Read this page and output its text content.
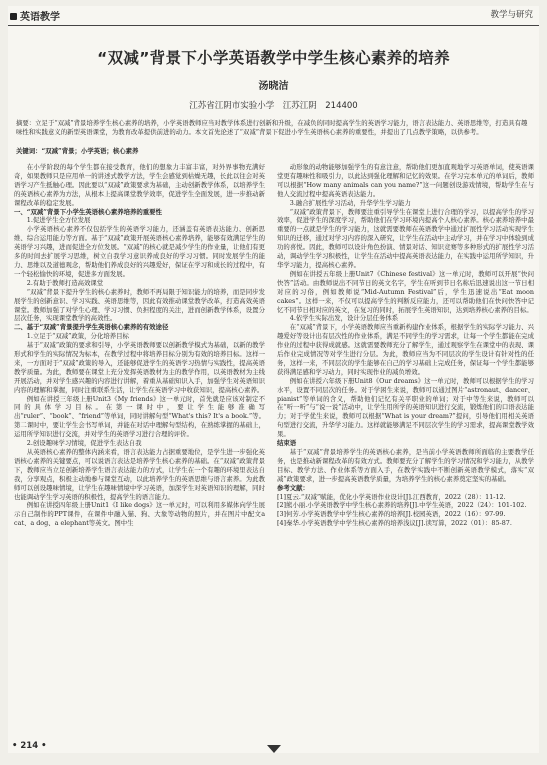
英语教学	教学与研究
“双减”背景下小学英语教学中学生核心素养的培养
汤晓洁
江苏省江阴市实验小学　江苏江阴　214400
摘要：立足于“双减”背景培养学生核心素养的培养，小学英语教师应当对教学体系进行创新和升级，在减负的同时提高学生的英语学习能力，语言表达能力、英语思维等，打造具有趣味性和实践意义的新型英语课堂，为教育改革提供前进的动力。本文首先论述了“双减”背景下促进小学生英语核心素养的重要性，并提出了几点教学策略，以供参考。
关键词：“双减”背景；小学英语；核心素养

在小学阶段的每个学生都在接受教育，他们的想象力丰富丰富，对外界事物充满好奇，如果教师只是应用单一的讲述式教学方法，学生会感觉到枯燥无趣，长此以往会对英语学习产生抵触心理。因此要以“双减”政策要求为基础，主动创新教学体系，以培养学生的英语核心素养为方法，从根本上提高课堂教学效率，促进学生全面发展，进一步推动新课程改革的稳定发展。

一、“双减”背景下小学生英语核心素养培养的重要性

1.促进学生全方位发展

小学英语核心素养不仅包括学生的英语学习能力，还涵盖有英语表达能力、创新思维、综合运用能力等方面。基于“双减”政策开展英语核心素养培养，能够有效满足学生的英语学习兴趣，进而促进全方位发展。“双减”的核心就是减少学生的作业量，让他们有更多的时间去扩展学习思维，树立自我学习意识养成良好的学习习惯。同时发展学生的能力、思维以及道德观念，帮助他们养成良好的兴趣爱好，保证在学习和成长的过程中，有一个轻松愉快的环境，促进多方面发展。

2.有助于教师打造高效课堂

“双减”背景下提升学生的核心素养时，教师不再局限于知识能力的培养，而是同步发展学生的创新意识、学习实践、英语思维等，因此有效推动课堂教学改革，打造高效英语课堂。教师加强了对学生心理、学习习惯、负担程度的关注，进而创新教学体系，设置分层次任务，实现课堂教学的高效性。

二、基于“双减”背景提升学生英语核心素养的有效途径

1.立足于“双减”政策，分化培养目标

基于“双减”政策的要求和引导，小学英语教师要以创新教学模式为基础，以新的教学形式和学生的实际情况为标本，在教学过程中将培养目标分别为有效的培养目标。这样一来，一方面对于“双减”政策的导入，还能够促进学生的英语学习热情与实践性，提高英语教学质量。为此，教师要在课堂上充分发挥英语教材为主的教学作用，以英语教材为主线开展活动，并对学生感兴趣的内容进行讲解，着重从基础知识入手，加强学生对英语知识内容的理解和掌握，同时注重联系生活，让学生在英语学习中收获知识，提高核心素养。

例如在讲授三年级上册Unit3《My friends》这一单元时，首先就是应该对制定不同的具体学习目标。在第一课时中，要让学生能够准确写出“ruler”、“book”、“friend”等单词，同时讲解句型“What's this? It's a book.”等。第二课时中，要让学生会书写单词，并能在对话中理解句型结构，在熟练掌握的基础上，运用所学知识进行交流，并对学生的英语学习进行合理的评价。

2.创设趣味学习情境，促进学生表达自我

从英语核心素养的整体内涵来看，语言表达能力占据重要地位，是学生进一步强化英语核心素养的关键要点，可以说语言表达是培养学生核心素养的基础。在“双减”政策背景下，教师应当立足创新培养学生语言表达能力的方式，让学生在一个有趣的环境里表达自我，分享观点，积极主动地参与课堂互动，以此培养学生的英语思维与语言素养。为此教师可以创设趣味情境，让学生在趣味情境中学习英语，加深学生对英语知识的理解，同时也能调动学生学习英语的积极性，提高学生的语言能力。

例如在讲授四年级上册Unit1《I like dogs》这一单元时，可以利用多媒体向学生展示自己制作的PPT课件，在课件中融入猫、狗、大象等动物的照片，并在图片中配文a cat、a dog、a elephant等英文。图中生

动形象的动物能够加强学生的有意注意，帮助他们更加直观地学习英语单词，使英语课堂更有趣味性和吸引力，以此达到强化理解和记忆的效果。在学习完本单元的单词后，教师可以根据“How many animals can you name?”这一问题创设游戏情境，帮助学生在与他人交流过程中提高英语表达能力。

3.融合扩展性学习活动，升华学生学习能力

“双减”政策背景下，教师要注重引导学生在课堂上进行合理的学习，以提高学生的学习效率，促进学生的深度学习，帮助他们在学习环境内提高个人核心素养。核心素养培养中最重要的一点就是学生的学习能力，这就需要教师在英语教学中通过扩展性学习活动实现学生知识的迁移，通过对学习内容的深入研究，让学生在活动中主动学习，并在学习中体验到成功的喜悦。因此，教师可以设计角色扮演、情景对话、知识竞赛等多种形式的扩展性学习活动，调动学生学习积极性，让学生在活动中提高英语表达能力，在实践中运用所学知识，升华学习能力，提高核心素养。

例如在讲授五年级上册Unit7《Chinese festival》这一单元时，教师可以开展“快问快答”活动。由教师说出不同节日的英文名字，学生在听到节日名称后迅速说出这一节日相对应的习俗，例如教师说“Mid-Autumn Festival”后，学生迅速说出“Eat moon cakes”。这样一来，不仅可以提高学生的判断反应能力，还可以帮助他们在快问快答中记忆不同节日相对应的英文，在复习的同时，拓展学生英语知识，达到培养核心素养的目标。

4.依学生实际出发，设计分层任务体系

在“双减”背景下，小学英语教师应当重新构建作业体系，根据学生的实际学习能力、兴趣爱好等设计出有层次性的作业体系，满足不同学生的学习需求，让每一个学生都能在完成作业的过程中获得成就感。这就需要教师充分了解学生，通过观察学生在课堂中的表现、课后作业完成情况等对学生进行分层。为此，教师应当为不同层次的学生设计有针对性的任务，这样一来，不同层次的学生能够在自己的学习基础上完成任务，保证每一个学生都能够获得满足感和学习动力，同时实现作业的减负增效。

例如在讲授六年级下册Unit8《Our dreams》这一单元时，教师可以根据学生的学习水平，设置不同层次的任务。对于学困生来说，教师可以通过图片“astronaut、dancer、pianist”等单词的含义，帮助他们记忆有关平职业的单词；对于中等生来说，教师可以在“听一听”与“说一说”活动中，让学生用所学的英语知识进行交流，锻炼他们的口语表达能力；对于学优生来说，教师可以根据“What is your dream?”提问，引导他们用相关英语句型进行交流，升华学习能力。这样就能够满足不同层次学生的学习需求，提高课堂教学效果。

结束语

基于“双减”背景培养学生的英语核心素养，是当前小学英语教师所面临的主要教学任务，也是推动新课程改革的有效方式。教师要充分了解学生的学习情况和学习能力，从教学目标、教学方法、作业体系等方面入手，在教学实践中不断创新英语教学模式，落实“双减”政策要求，进一步提高英语教学质量，为培养学生的核心素养奠定坚实的基础。

参考文献：

[1]夏云.“双减”赋能，优化小学英语作业设计[J].江西教育，2022（28）：11-12.

[2]熊小丽.小学英语教学中学生核心素养的培养[J].中学生英语，2022（24）：101-102.

[3]何芳.小学英语教学中学生核心素养的培养[J].校园英语，2022（16）：97-99.

[4]秦华.小学英语教学中学生核心素养的培养浅议[J].读写算，2022（01）：85-87.

• 214 •
